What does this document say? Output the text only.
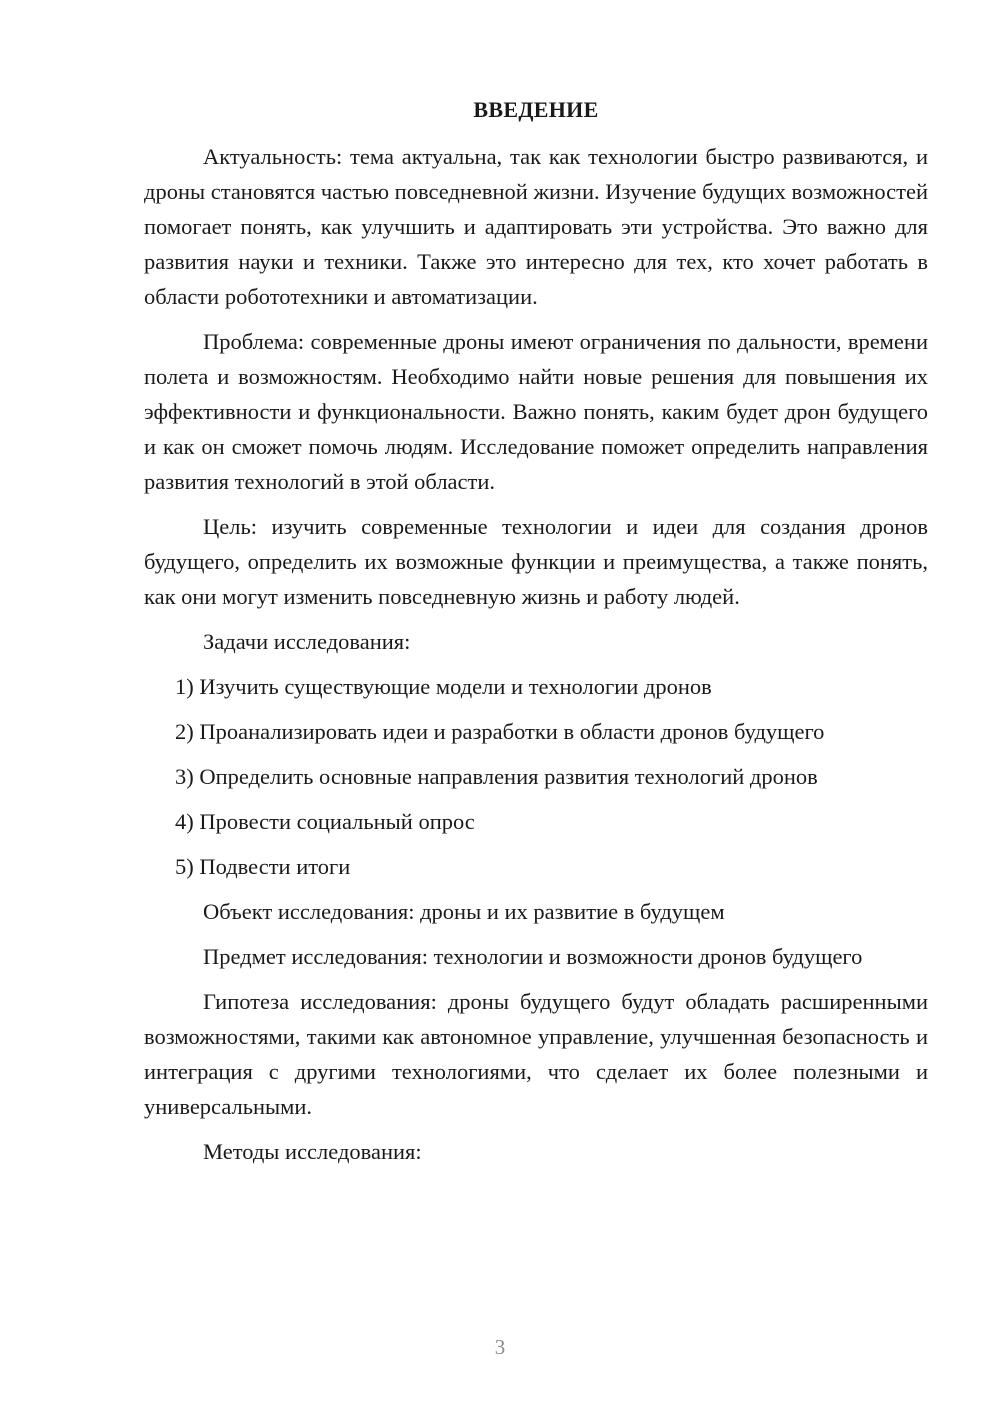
ВВЕДЕНИЕ

Актуальность: тема актуальна, так как технологии быстро развиваются, и дроны становятся частью повседневной жизни. Изучение будущих возможностей помогает понять, как улучшить и адаптировать эти устройства. Это важно для развития науки и техники. Также это интересно для тех, кто хочет работать в области робототехники и автоматизации.

Проблема: современные дроны имеют ограничения по дальности, времени полета и возможностям. Необходимо найти новые решения для повышения их эффективности и функциональности. Важно понять, каким будет дрон будущего и как он сможет помочь людям. Исследование поможет определить направления развития технологий в этой области.

Цель: изучить современные технологии и идеи для создания дронов будущего, определить их возможные функции и преимущества, а также понять, как они могут изменить повседневную жизнь и работу людей.

Задачи исследования:

1) Изучить существующие модели и технологии дронов
2) Проанализировать идеи и разработки в области дронов будущего
3) Определить основные направления развития технологий дронов
4) Провести социальный опрос
5) Подвести итоги

Объект исследования: дроны и их развитие в будущем

Предмет исследования: технологии и возможности дронов будущего

Гипотеза исследования: дроны будущего будут обладать расширенными возможностями, такими как автономное управление, улучшенная безопасность и интеграция с другими технологиями, что сделает их более полезными и универсальными.

Методы исследования:

3
